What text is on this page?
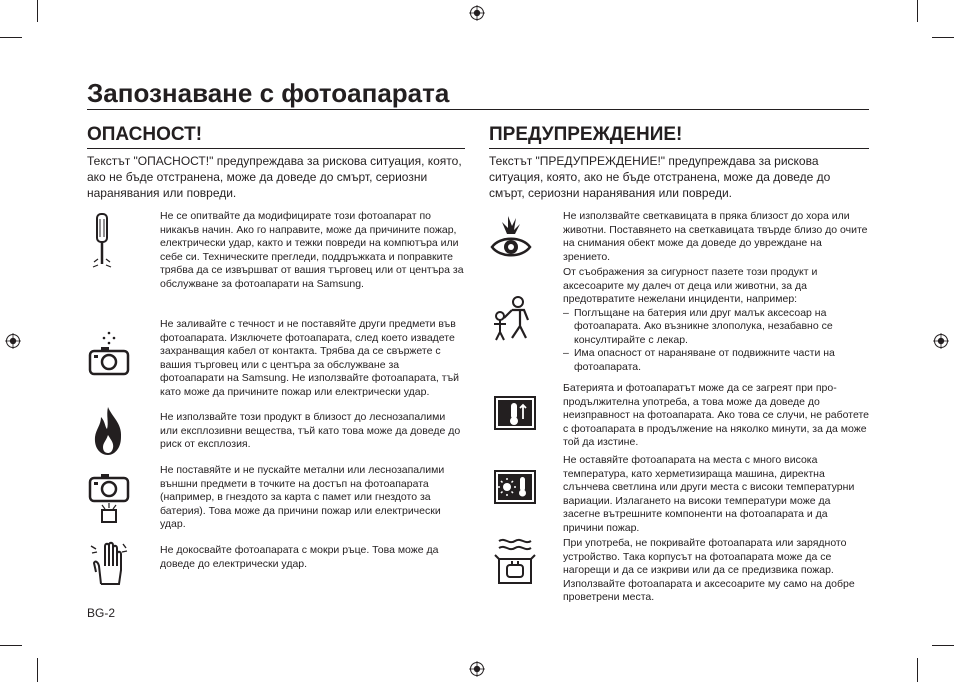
Запознаване с фотоапарата
ОПАСНОСТ!

Текстът "ОПАСНОСТ!" предупреждава за рискова ситуация, която, ако не бъде отстранена, може да доведе до смърт, сериозни наранявания или повреди.

Не се опитвайте да модифицирате този фотоапарат по никакъв начин. Ако го направите, може да причините пожар, електрически удар, както и тежки повреди на компютъра или себе си. Техническите прегледи, поддръжката и поправките трябва да се извършват от вашия търговец или от центъра за обслужване за фотоапарати на Samsung.

Не заливайте с течност и не поставяйте други предмети във фотоапарата. Изключете фотоапарата, след което извадете захранващия кабел от контакта. Трябва да се свържете с вашия търговец или с центъра за обслужване за фотоапарати на Samsung. Не използвайте фотоапарата, тъй като може да причините пожар или електрически удар.

Не използвайте този продукт в близост до леснозапалими или експлозивни вещества, тъй като това може да доведе до риск от експлозия.

Не поставяйте и не пускайте метални или леснозапалими външни предмети в точките на достъп на фотоапарата (например, в гнездото за карта с памет или гнездото за батерия). Това може да причини пожар или електрически удар.

Не докосвайте фотоапарата с мокри ръце. Това може да доведе до електрически удар.

ПРЕДУПРЕЖДЕНИЕ!

Текстът "ПРЕДУПРЕЖДЕНИЕ!" предупреждава за рискова ситуация, която, ако не бъде отстранена, може да доведе до смърт, сериозни наранявания или повреди.

Не използвайте светкавицата в пряка близост до хора или животни. Поставянето на светкавицата твърде близо до очите на снимания обект може да доведе до увреждане на зрението.

От съображения за сигурност пазете този продукт и аксесоарите му далеч от деца или животни, за да предотвратите нежелани инциденти, например:
– Поглъщане на батерия или друг малък аксесоар на фотоапарата. Ако възникне злополука, незабавно се консултирайте с лекар.
– Има опасност от нараняване от подвижните части на фотоапарата.

Батерията и фотоапаратът може да се загреят при про-продължителна употреба, а това може да доведе до неизправност на фотоапарата. Ако това се случи, не работете с фотоапарата в продължение на няколко минути, за да може той да изстине.

Не оставяйте фотоапарата на места с много висока температура, като херметизираща машина, директна слънчева светлина или други места с високи температурни вариации. Излагането на високи температури може да засегне вътрешните компоненти на фотоапарата и да причини пожар.

При употреба, не покривайте фотоапарата или зарядното устройство. Така корпусът на фотоапарата може да се нагорещи и да се изкриви или да се предизвика пожар. Използвайте фотоапарата и аксесоарите му само на добре проветрени места.

BG-2
